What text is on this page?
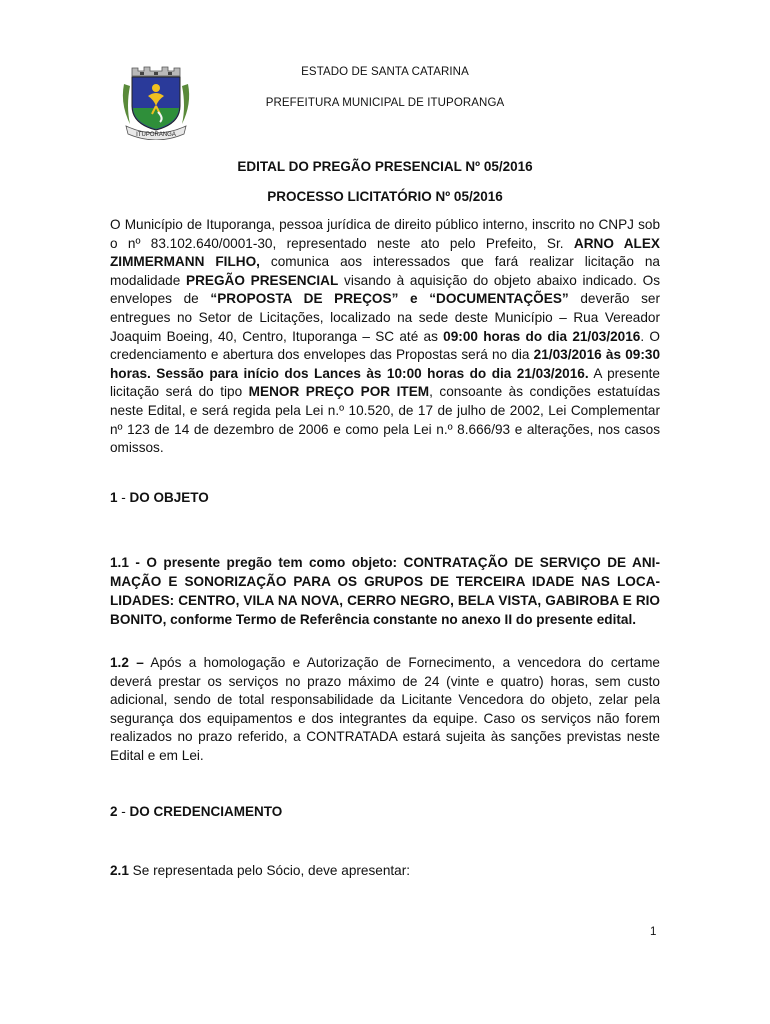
ITUPORANGA
ESTADO DE SANTA CATARINA
PREFEITURA MUNICIPAL DE ITUPORANGA
EDITAL DO PREGÃO PRESENCIAL Nº 05/2016
PROCESSO LICITATÓRIO Nº 05/2016
O Município de Ituporanga, pessoa jurídica de direito público interno, inscrito no CNPJ sob o nº 83.102.640/0001-30, representado neste ato pelo Prefeito, Sr. ARNO ALEX ZIMMERMANN FILHO, comunica aos interessados que fará realizar licitação na modalidade PREGÃO PRESENCIAL visando à aquisição do objeto abaixo indicado. Os envelopes de “PROPOSTA DE PREÇOS” e “DOCUMENTAÇÕES” deverão ser entregues no Setor de Licitações, localizado na sede deste Município – Rua Vereador Joaquim Boeing, 40, Centro, Ituporanga – SC até as 09:00 horas do dia 21/03/2016. O credenciamento e abertura dos envelopes das Propostas será no dia 21/03/2016 às 09:30 horas. Sessão para início dos Lances às 10:00 horas do dia 21/03/2016. A presente licitação será do tipo MENOR PREÇO POR ITEM, consoante às condições estatuídas neste Edital, e será regida pela Lei n.º 10.520, de 17 de julho de 2002, Lei Complementar nº 123 de 14 de dezembro de 2006 e como pela Lei n.º 8.666/93 e alterações, nos casos omissos.
1 - DO OBJETO
1.1 - O presente pregão tem como objeto: CONTRATAÇÃO DE SERVIÇO DE ANI-MAÇÃO E SONORIZAÇÃO PARA OS GRUPOS DE TERCEIRA IDADE NAS LOCA-LIDADES: CENTRO, VILA NA NOVA, CERRO NEGRO, BELA VISTA, GABIROBA E RIO BONITO, conforme Termo de Referência constante no anexo II do presente edital.
1.2 – Após a homologação e Autorização de Fornecimento, a vencedora do certame deverá prestar os serviços no prazo máximo de 24 (vinte e quatro) horas, sem custo adicional, sendo de total responsabilidade da Licitante Vencedora do objeto, zelar pela segurança dos equipamentos e dos integrantes da equipe. Caso os serviços não forem realizados no prazo referido, a CONTRATADA estará sujeita às sanções previstas neste Edital e em Lei.
2 - DO CREDENCIAMENTO
2.1 Se representada pelo Sócio, deve apresentar:
1
